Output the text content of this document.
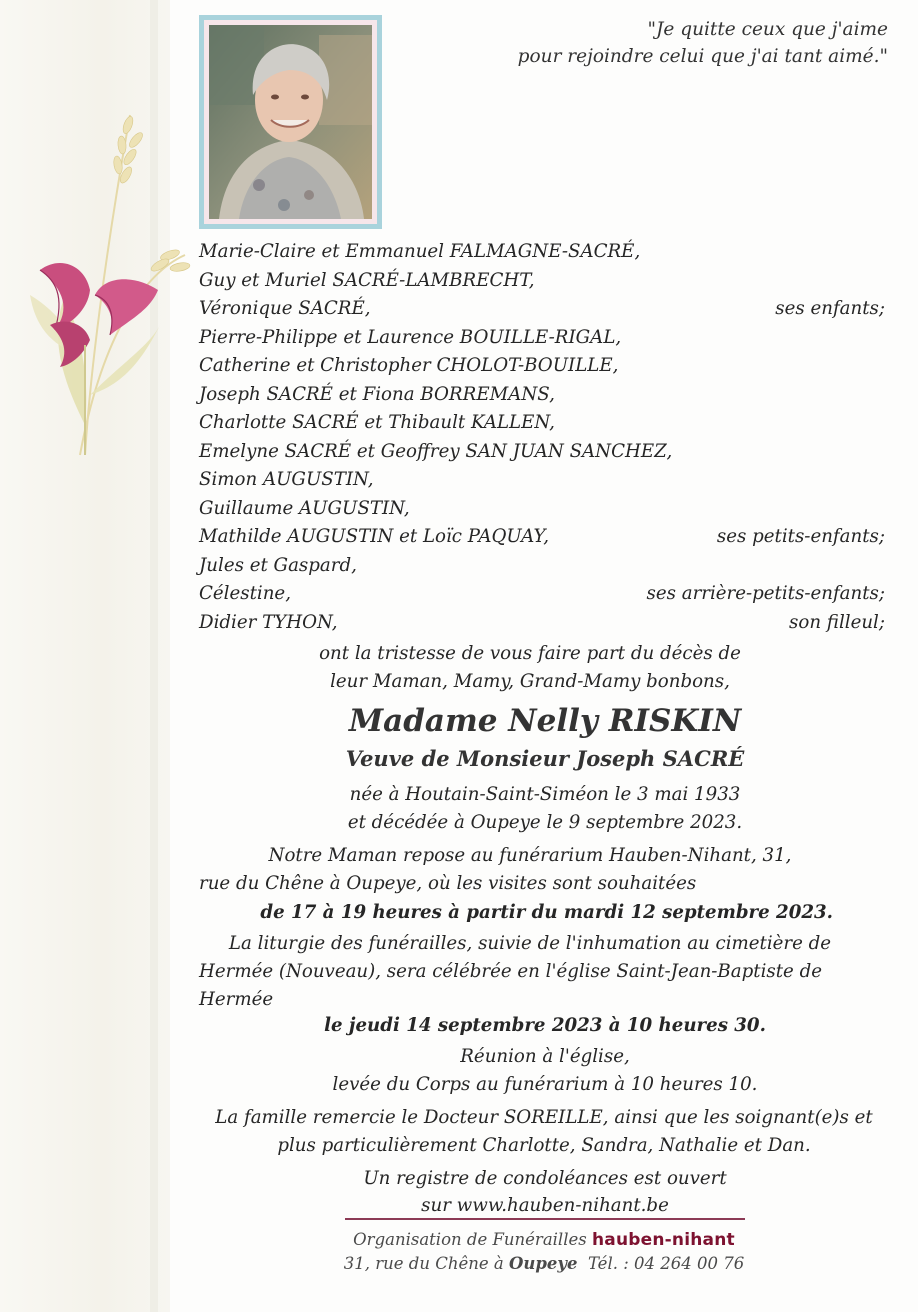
"Je quitte ceux que j'aime
pour rejoindre celui que j'ai tant aimé."
Marie-Claire et Emmanuel FALMAGNE-SACRÉ,
Guy et Muriel SACRÉ-LAMBRECHT,
Véronique SACRÉ,	ses enfants;
Pierre-Philippe et Laurence BOUILLE-RIGAL,
Catherine et Christopher CHOLOT-BOUILLE,
Joseph SACRÉ et Fiona BORREMANS,
Charlotte SACRÉ et Thibault KALLEN,
Emelyne SACRÉ et Geoffrey SAN JUAN SANCHEZ,
Simon AUGUSTIN,
Guillaume AUGUSTIN,
Mathilde AUGUSTIN et Loïc PAQUAY,	ses petits-enfants;
Jules et Gaspard,
Célestine,	ses arrière-petits-enfants;
Didier TYHON,	son filleul;
ont la tristesse de vous faire part du décès de
leur Maman, Mamy, Grand-Mamy bonbons,
Madame Nelly RISKIN
Veuve de Monsieur Joseph SACRÉ
née à Houtain-Saint-Siméon le 3 mai 1933
et décédée à Oupeye le 9 septembre 2023.
Notre Maman repose au funérarium Hauben-Nihant, 31,
rue du Chêne à Oupeye, où les visites sont souhaitées
de 17 à 19 heures à partir du mardi 12 septembre 2023.
La liturgie des funérailles, suivie de l'inhumation au cimetière de
Hermée (Nouveau), sera célébrée en l'église Saint-Jean-Baptiste de
Hermée
le jeudi 14 septembre 2023 à 10 heures 30.
Réunion à l'église,
levée du Corps au funérarium à 10 heures 10.
La famille remercie le Docteur SOREILLE, ainsi que les soignant(e)s et
plus particulièrement Charlotte, Sandra, Nathalie et Dan.
Un registre de condoléances est ouvert
sur www.hauben-nihant.be
Organisation de Funérailles hauben-nihant
31, rue du Chêne à Oupeye Tél. : 04 264 00 76
